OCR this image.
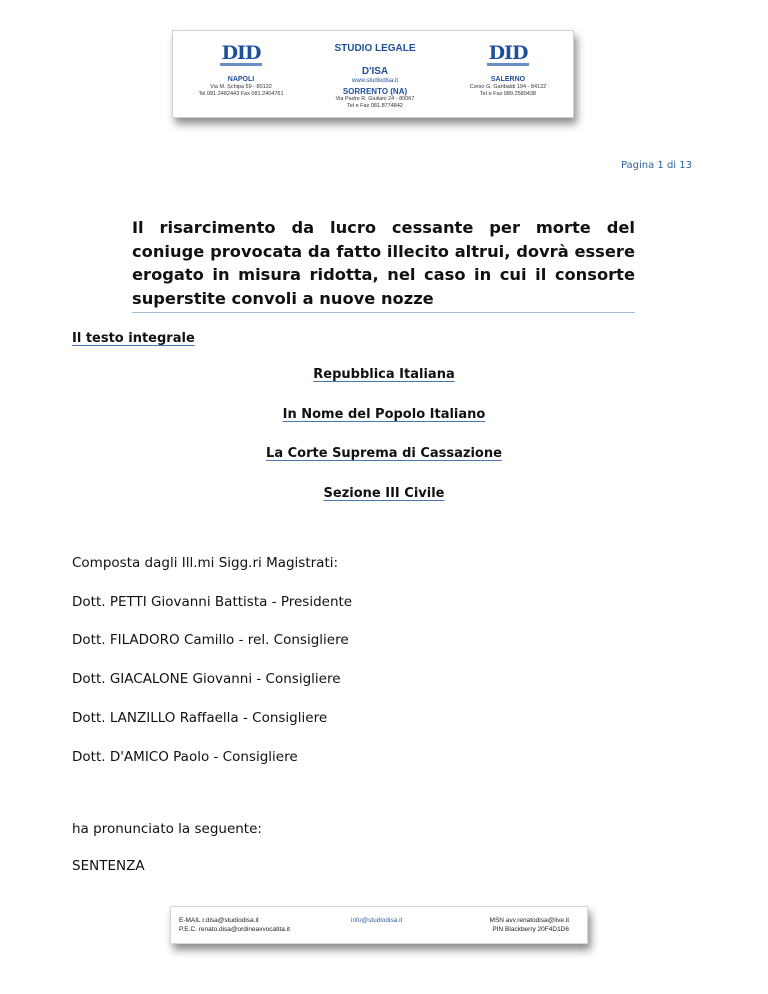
DID
NAPOLI
Via M. Schipa 59 - 80122
Tel 081.2482443 Fax 081.2404761
STUDIO LEGALE
D'ISA
www.studiodisa.it
SORRENTO (NA)
Via Padre R. Giuliani 24 - 80067
Tel e Fax 081.8774842
DID
SALERNO
Corso G. Garibaldi 194 - 84122
Tel e Fax 089.2580438
Pagina 1 di 13
Il risarcimento da lucro cessante per morte del coniuge provocata da fatto illecito altrui, dovrà essere erogato in misura ridotta, nel caso in cui il consorte superstite convoli a nuove nozze
Il testo integrale
Repubblica Italiana
In Nome del Popolo Italiano
La Corte Suprema di Cassazione
Sezione III Civile
Composta dagli Ill.mi Sigg.ri Magistrati:
Dott. PETTI Giovanni Battista - Presidente
Dott. FILADORO Camillo - rel. Consigliere
Dott. GIACALONE Giovanni - Consigliere
Dott. LANZILLO Raffaella - Consigliere
Dott. D'AMICO Paolo - Consigliere
ha pronunciato la seguente:
SENTENZA
E-MAIL r.disa@studiodisa.it
P.E.C. renato.disa@ordineavvocatita.it
info@studiodisa.it	MSN avv.renatodisa@live.it
PIN Blackberry 20F4D1D6
